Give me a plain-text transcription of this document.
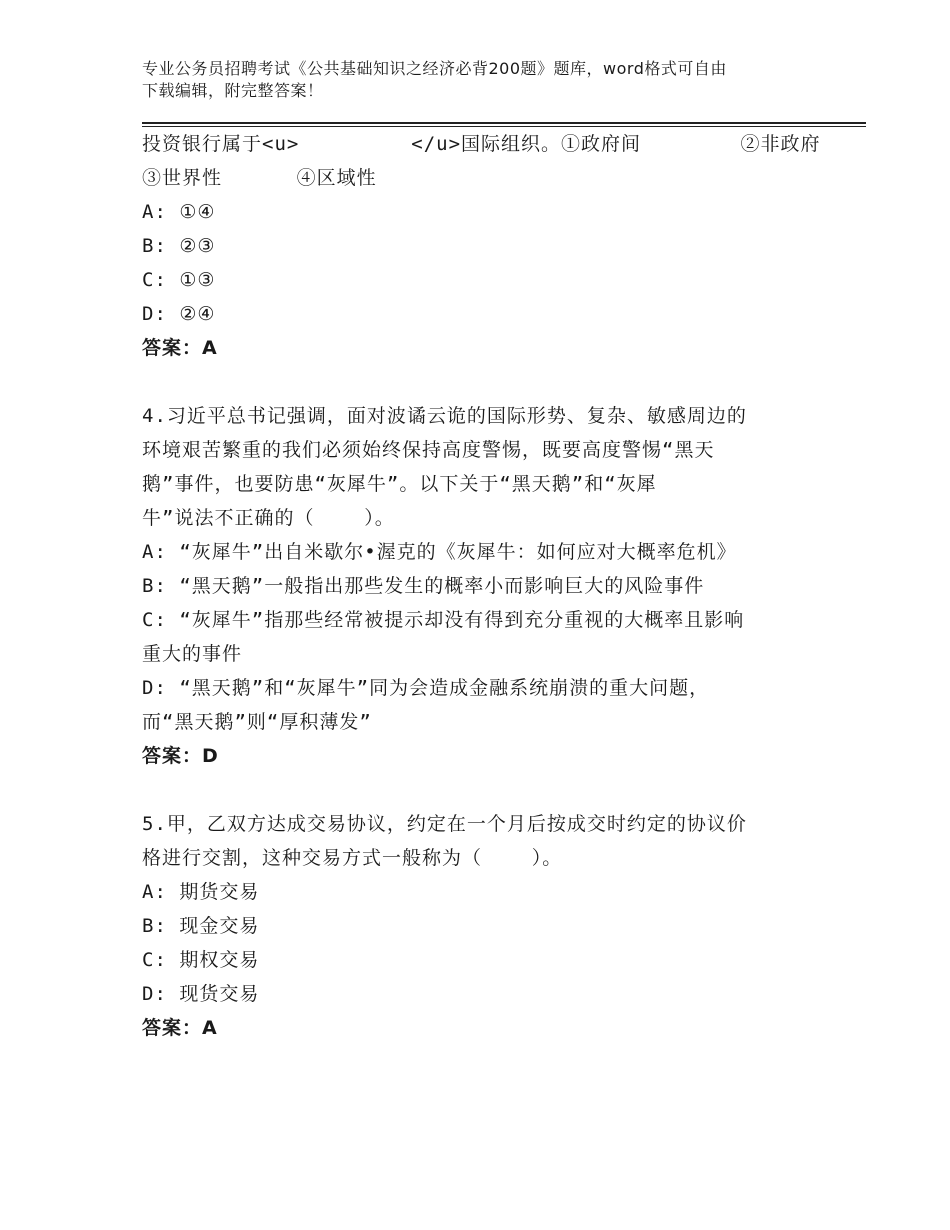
专业公务员招聘考试《公共基础知识之经济必背200题》题库，word格式可自由
下载编辑，附完整答案！
投资银行属于<u>         </u>国际组织。①政府间        ②非政府
③世界性      ④区域性
A: ①④
B: ②③
C: ①③
D: ②④
答案：A
4.习近平总书记强调，面对波谲云诡的国际形势、复杂、敏感周边的
环境艰苦繁重的我们必须始终保持高度警惕，既要高度警惕“黑天
鹅”事件，也要防患“灰犀牛”。以下关于“黑天鹅”和“灰犀
牛”说法不正确的（    ）。
A: “灰犀牛”出自米歇尔•渥克的《灰犀牛：如何应对大概率危机》
B: “黑天鹅”一般指出那些发生的概率小而影响巨大的风险事件
C: “灰犀牛”指那些经常被提示却没有得到充分重视的大概率且影响
重大的事件
D: “黑天鹅”和“灰犀牛”同为会造成金融系统崩溃的重大问题，
而“黑天鹅”则“厚积薄发”
答案：D
5.甲，乙双方达成交易协议，约定在一个月后按成交时约定的协议价
格进行交割，这种交易方式一般称为（    ）。
A: 期货交易
B: 现金交易
C: 期权交易
D: 现货交易
答案：A
